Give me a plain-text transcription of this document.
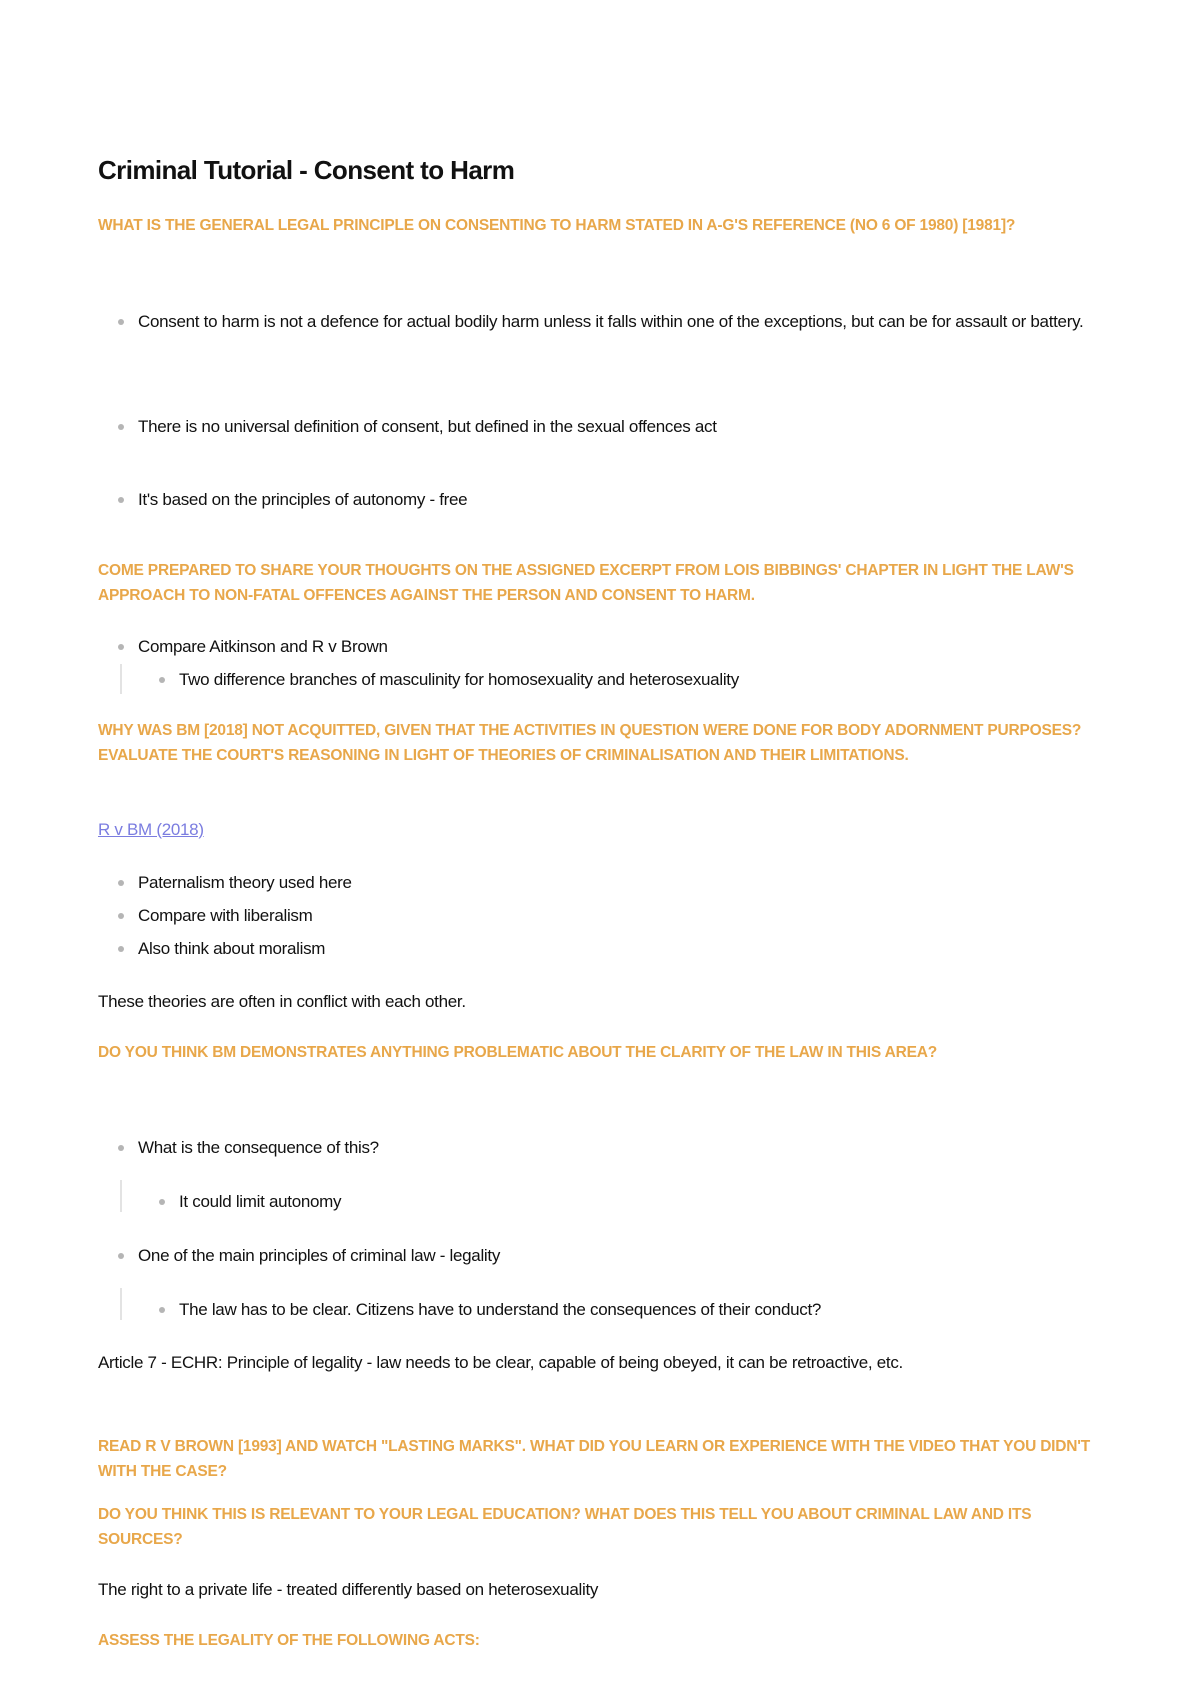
Criminal Tutorial - Consent to Harm

WHAT IS THE GENERAL LEGAL PRINCIPLE ON CONSENTING TO HARM STATED IN A-G'S REFERENCE (NO 6 OF 1980) [1981]?

Consent to harm is not a defence for actual bodily harm unless it falls within one of the exceptions, but can be for assault or battery.
There is no universal definition of consent, but defined in the sexual offences act
It's based on the principles of autonomy - free

COME PREPARED TO SHARE YOUR THOUGHTS ON THE ASSIGNED EXCERPT FROM LOIS BIBBINGS' CHAPTER IN LIGHT THE LAW'S APPROACH TO NON-FATAL OFFENCES AGAINST THE PERSON AND CONSENT TO HARM.

Compare Aitkinson and R v Brown
Two difference branches of masculinity for homosexuality and heterosexuality

WHY WAS BM [2018] NOT ACQUITTED, GIVEN THAT THE ACTIVITIES IN QUESTION WERE DONE FOR BODY ADORNMENT PURPOSES? EVALUATE THE COURT'S REASONING IN LIGHT OF THEORIES OF CRIMINALISATION AND THEIR LIMITATIONS.

R v BM (2018)
Paternalism theory used here
Compare with liberalism
Also think about moralism
These theories are often in conflict with each other.

DO YOU THINK BM DEMONSTRATES ANYTHING PROBLEMATIC ABOUT THE CLARITY OF THE LAW IN THIS AREA?

What is the consequence of this?
It could limit autonomy
One of the main principles of criminal law - legality
The law has to be clear. Citizens have to understand the consequences of their conduct?
Article 7 - ECHR: Principle of legality - law needs to be clear, capable of being obeyed, it can be retroactive, etc.

READ R V BROWN [1993] AND WATCH "LASTING MARKS". WHAT DID YOU LEARN OR EXPERIENCE WITH THE VIDEO THAT YOU DIDN'T WITH THE CASE?

DO YOU THINK THIS IS RELEVANT TO YOUR LEGAL EDUCATION? WHAT DOES THIS TELL YOU ABOUT CRIMINAL LAW AND ITS SOURCES?

The right to a private life - treated differently based on heterosexuality

ASSESS THE LEGALITY OF THE FOLLOWING ACTS:
